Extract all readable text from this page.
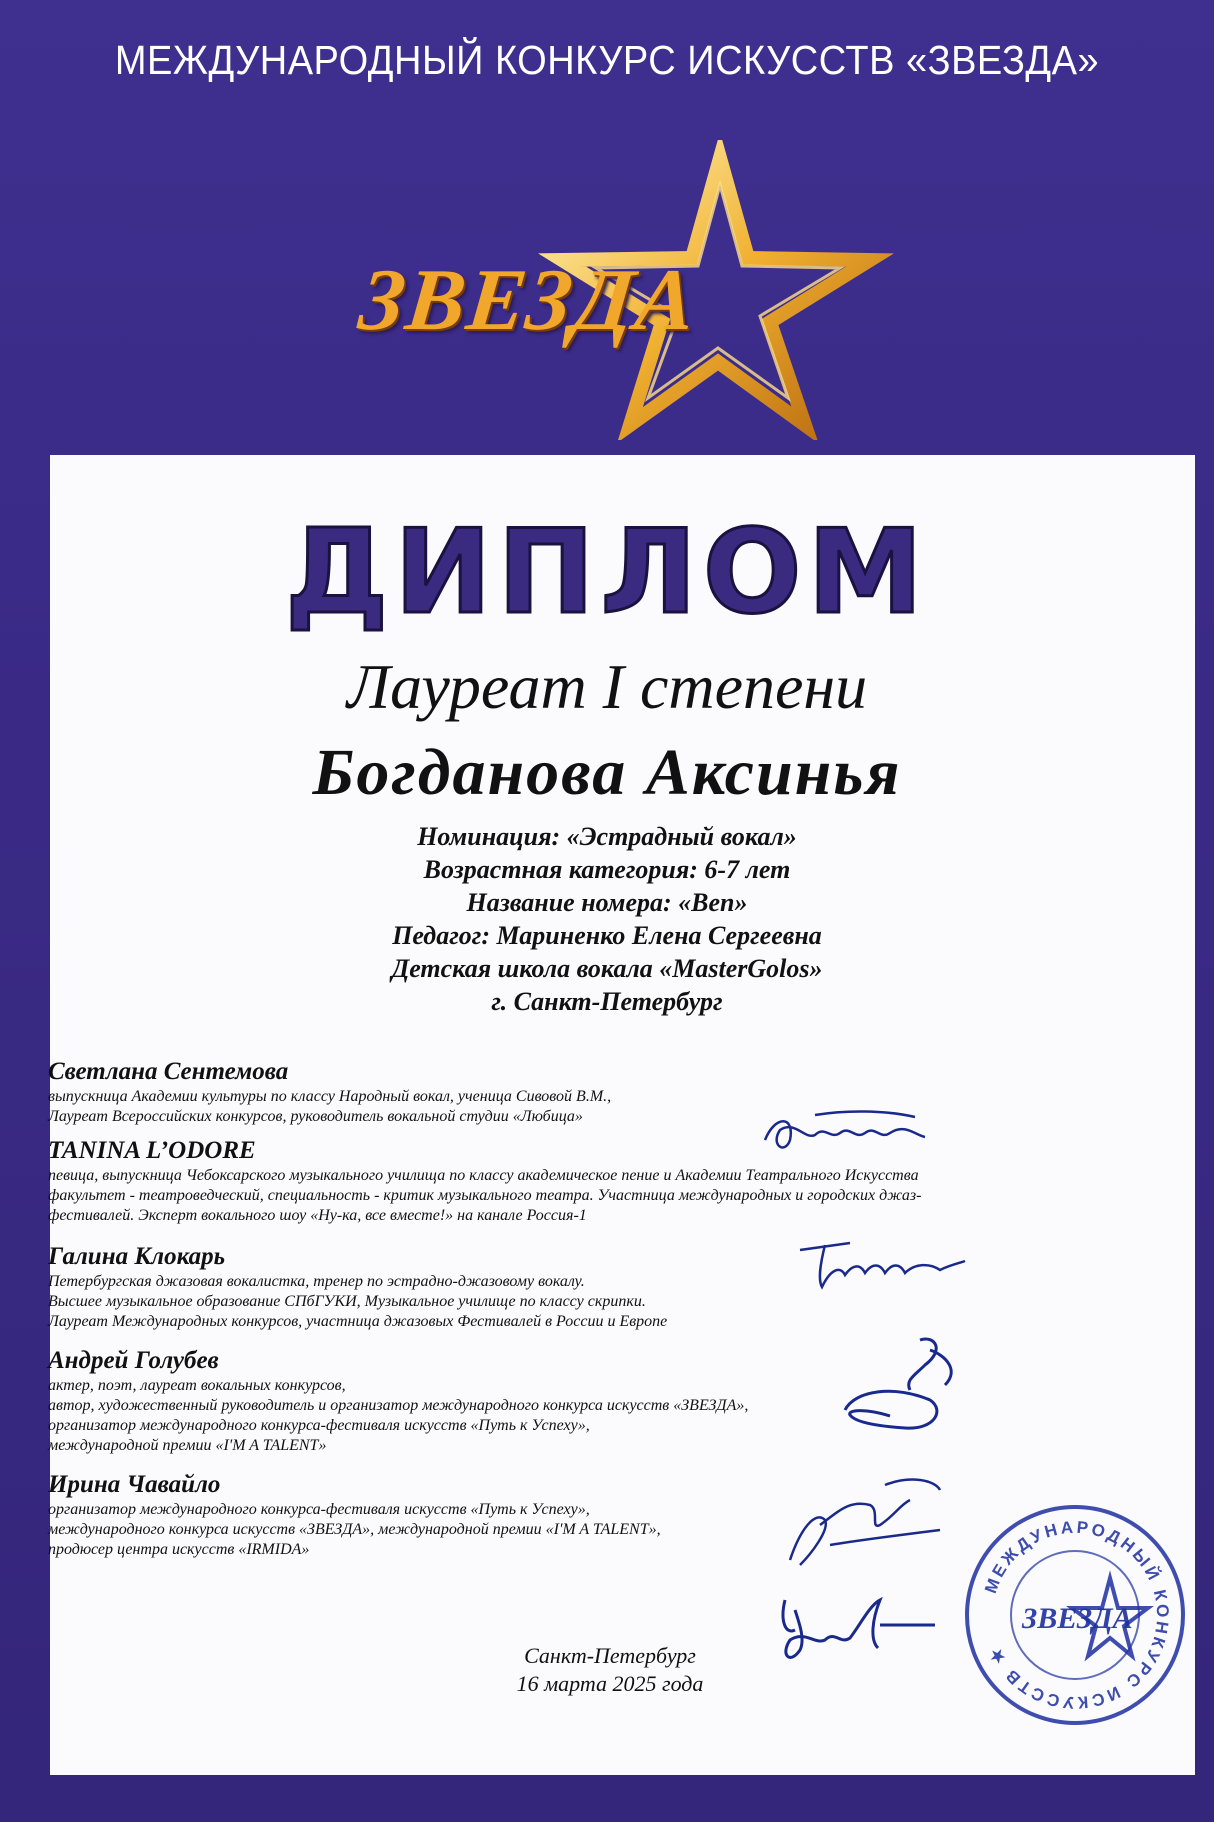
МЕЖДУНАРОДНЫЙ КОНКУРС ИСКУССТВ «ЗВЕЗДА»
ЗВЕЗДА
ДИПЛОМ
Лауреат I степени
Богданова Аксинья
Номинация: «Эстрадный вокал»
Возрастная категория: 6-7 лет
Название номера: «Ben»
Педагог: Мариненко Елена Сергеевна
Детская школа вокала «MasterGolos»
г. Санкт-Петербург
Светлана Сентемова
выпускница Академии культуры по классу Народный вокал, ученица Сивовой В.М.,
Лауреат Всероссийских конкурсов, руководитель вокальной студии «Любица»
TANINA L’ODORE
певица, выпускница Чебоксарского музыкального училища по классу академическое пение и Академии Театрального Искусства
факультет - театроведческий, специальность - критик музыкального театра. Участница международных и городских джаз-
фестивалей. Эксперт вокального шоу «Ну-ка, все вместе!» на канале Россия-1
Галина Клокарь
Петербургская джазовая вокалистка, тренер по эстрадно-джазовому вокалу.
Высшее музыкальное образование СПбГУКИ, Музыкальное училище по классу скрипки.
Лауреат Международных конкурсов, участница джазовых Фестивалей в России и Европе
Андрей Голубев
актер, поэт, лауреат вокальных конкурсов,
автор, художественный руководитель и организатор международного конкурса искусств «ЗВЕЗДА»,
организатор международного конкурса-фестиваля искусств «Путь к Успеху»,
международной премии «I'M A TALENT»
Ирина Чавайло
организатор международного конкурса-фестиваля искусств «Путь к Успеху»,
международного конкурса искусств «ЗВЕЗДА», международной премии «I'M A TALENT»,
продюсер центра искусств «IRMIDA»
Санкт-Петербург
16 марта 2025 года
МЕЖДУНАРОДНЫЙ КОНКУРС ИСКУССТВ ★
ЗВЕЗДА
